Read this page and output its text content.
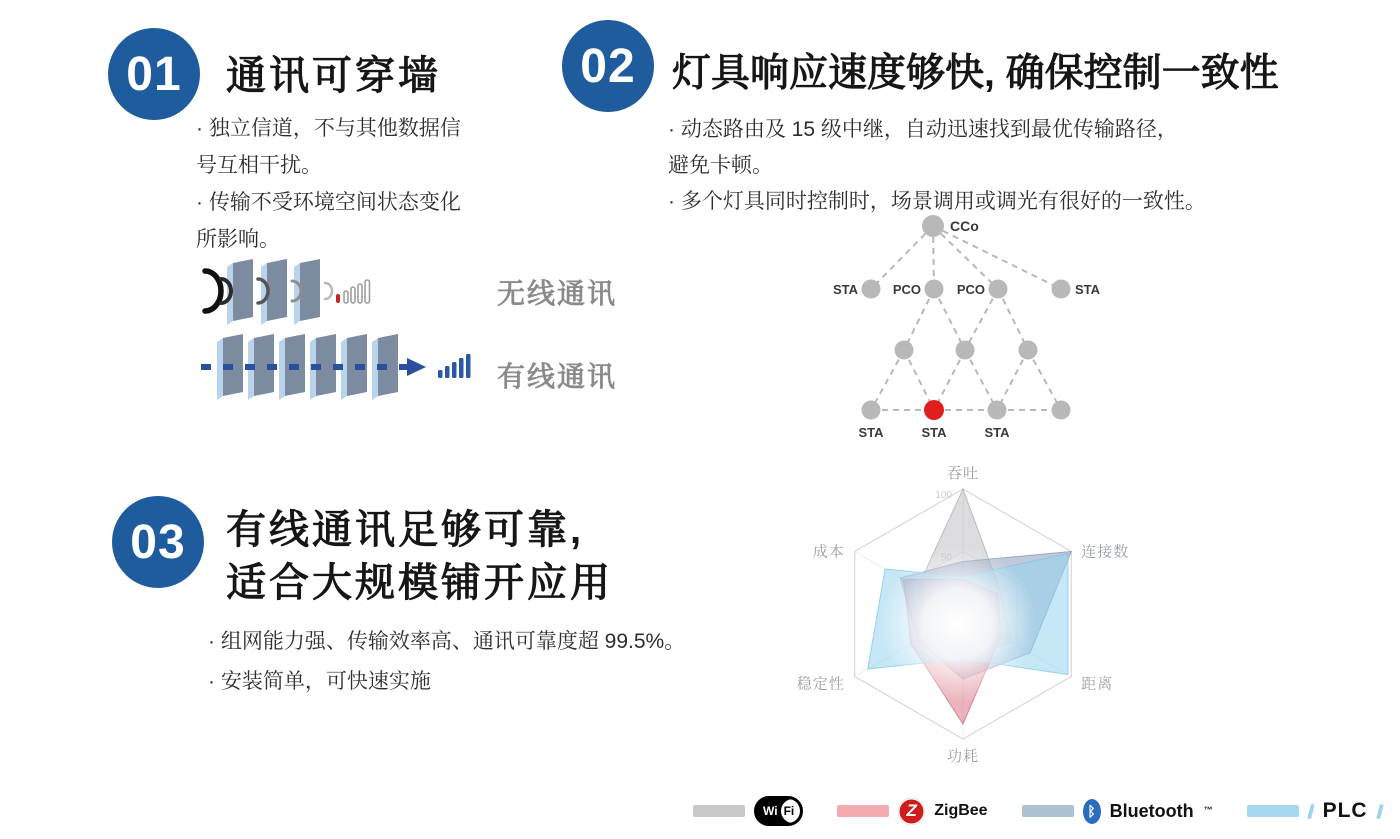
01	通讯可穿墙

· 独立信道，不与其他数据信

号互相干扰。

· 传输不受环境空间状态变化

所影响。

无线通讯
有线通讯
02 灯具响应速度够快, 确保控制一致性

· 动态路由及 15 级中继，自动迅速找到最优传输路径，

避免卡顿。

· 多个灯具同时控制时，场景调用或调光有很好的一致性。

CCo
STA	PCO	PCO	STA
STA	STA	STA
03	有线通讯足够可靠,
适合大规模铺开应用

· 组网能力强、传输效率高、通讯可靠度超 99.5%。

· 安装简单，可快速实施

100
吞吐
连接数
距离
功耗
稳定性
成本
Wi Fi	Z	ZigBee	ᛒ Bluetooth ™	PLC
